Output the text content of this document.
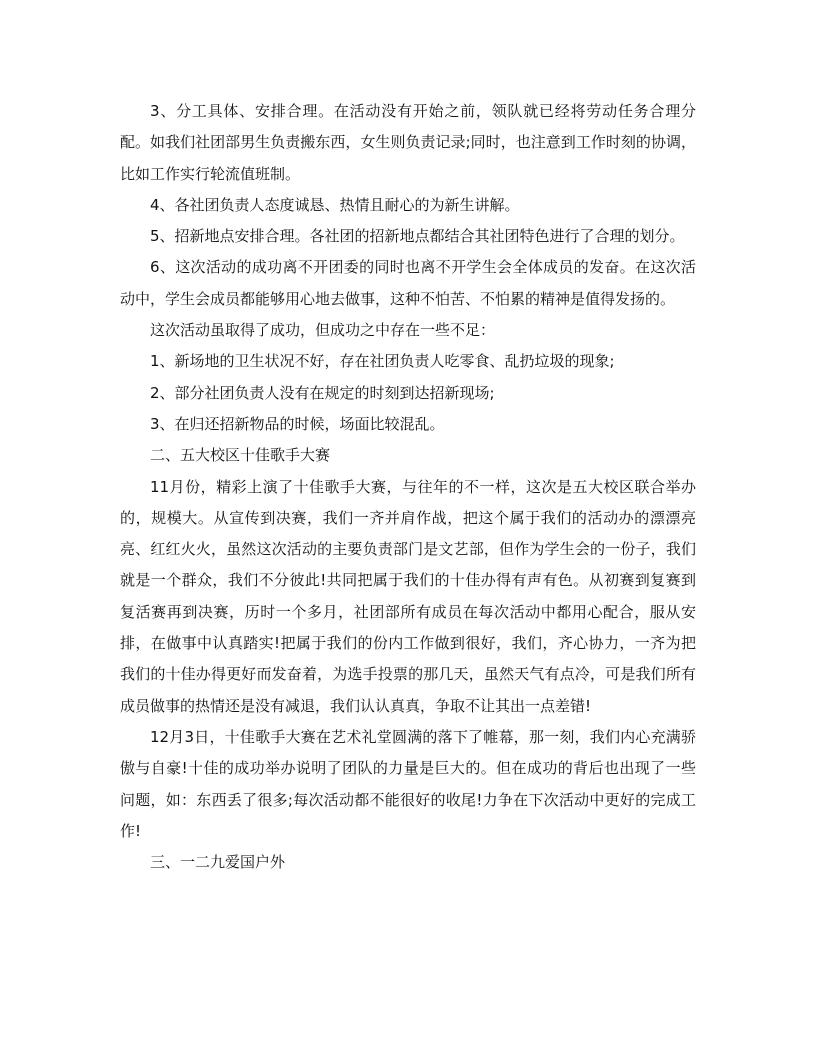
3、分工具体、安排合理。在活动没有开始之前，领队就已经将劳动任务合理分配。如我们社团部男生负责搬东西，女生则负责记录;同时，也注意到工作时刻的协调，比如工作实行轮流值班制。

4、各社团负责人态度诚恳、热情且耐心的为新生讲解。

5、招新地点安排合理。各社团的招新地点都结合其社团特色进行了合理的划分。

6、这次活动的成功离不开团委的同时也离不开学生会全体成员的发奋。在这次活动中，学生会成员都能够用心地去做事，这种不怕苦、不怕累的精神是值得发扬的。

这次活动虽取得了成功，但成功之中存在一些不足：

1、新场地的卫生状况不好，存在社团负责人吃零食、乱扔垃圾的现象;

2、部分社团负责人没有在规定的时刻到达招新现场;

3、在归还招新物品的时候，场面比较混乱。

二、五大校区十佳歌手大赛

11月份，精彩上演了十佳歌手大赛，与往年的不一样，这次是五大校区联合举办的，规模大。从宣传到决赛，我们一齐并肩作战，把这个属于我们的活动办的漂漂亮亮、红红火火，虽然这次活动的主要负责部门是文艺部，但作为学生会的一份子，我们就是一个群众，我们不分彼此!共同把属于我们的十佳办得有声有色。从初赛到复赛到复活赛再到决赛，历时一个多月，社团部所有成员在每次活动中都用心配合，服从安排，在做事中认真踏实!把属于我们的份内工作做到很好，我们，齐心协力，一齐为把我们的十佳办得更好而发奋着，为选手投票的那几天，虽然天气有点冷，可是我们所有成员做事的热情还是没有减退，我们认认真真，争取不让其出一点差错!

12月3日，十佳歌手大赛在艺术礼堂圆满的落下了帷幕，那一刻，我们内心充满骄傲与自豪!十佳的成功举办说明了团队的力量是巨大的。但在成功的背后也出现了一些问题，如：东西丢了很多;每次活动都不能很好的收尾!力争在下次活动中更好的完成工作!

三、一二九爱国户外
